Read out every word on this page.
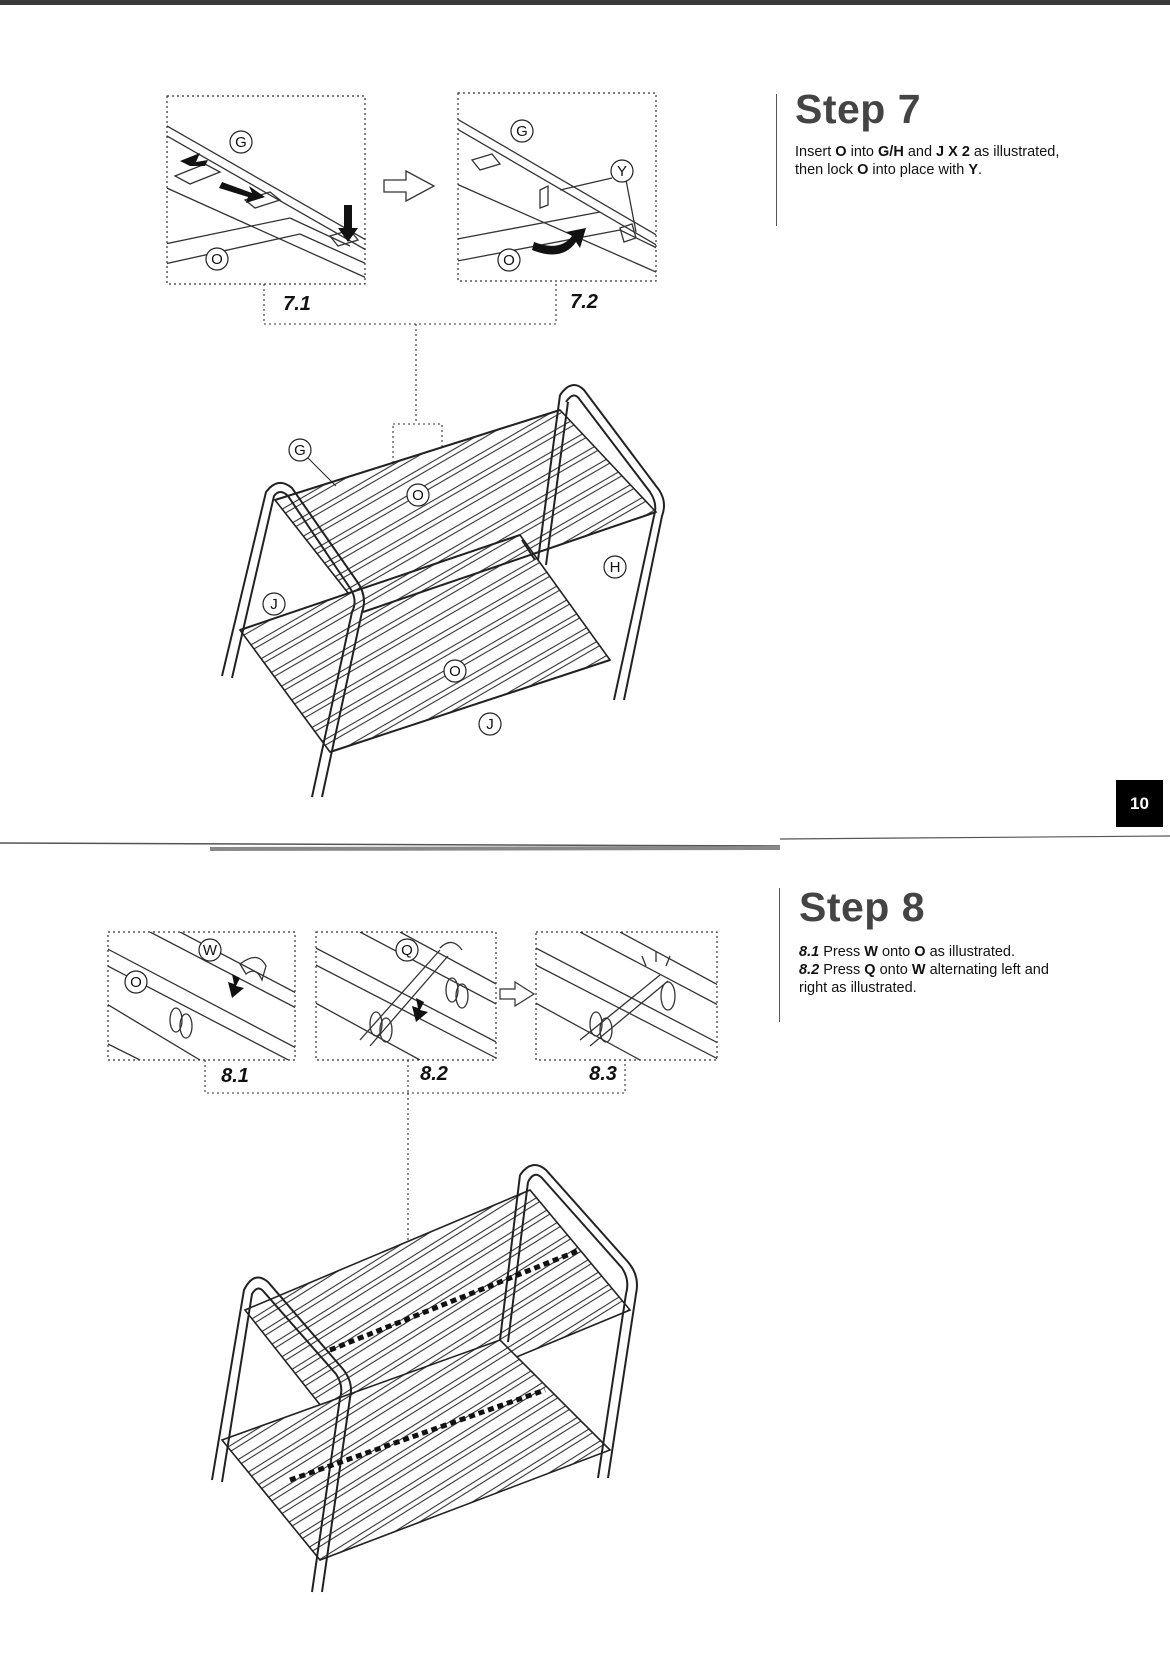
Step 7
Insert O into G/H and J X 2 as illustrated,
then lock O into place with Y.
Step 8
8.1 Press W onto O as illustrated.
8.2 Press Q onto W alternating left and
right as illustrated.
10
G
O
G
Y
O
7.1	7.2
G
O
H
J
O
J
W
O
Q
8.1	8.2	8.3
